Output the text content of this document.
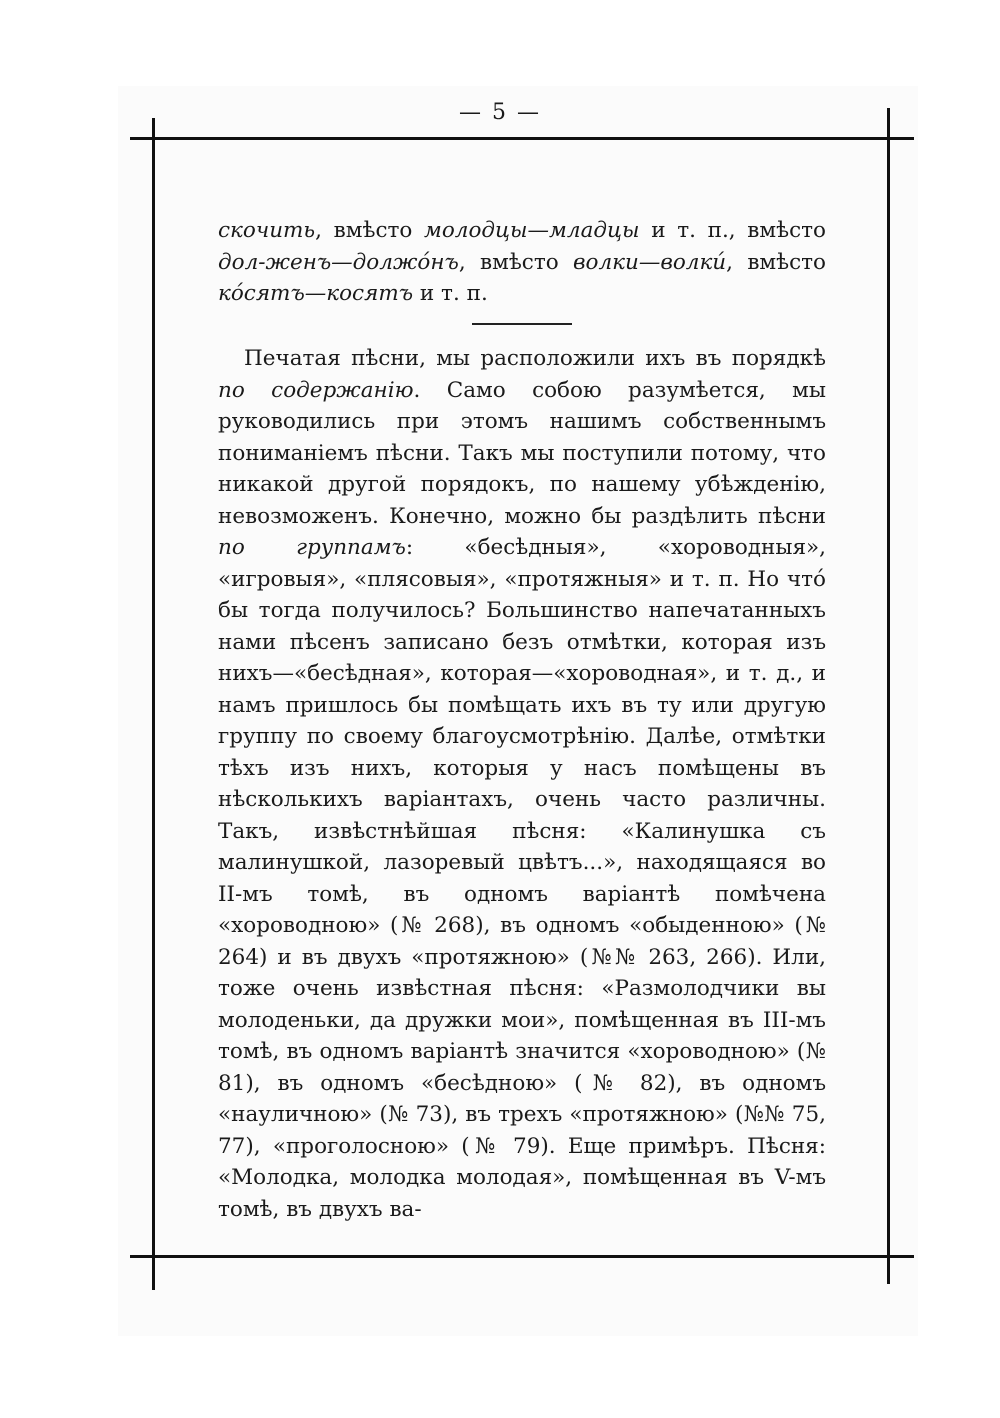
— 5 —

скочить, вмѣсто молодцы—младцы и т. п., вмѣсто дол-женъ—должо́нъ, вмѣсто волки—волки́, вмѣсто ко́сятъ—косятъ и т. п.

Печатая пѣсни, мы расположили ихъ въ порядкѣ по содержанію. Само собою разумѣется, мы руководились при этомъ нашимъ собственнымъ пониманіемъ пѣсни. Такъ мы поступили потому, что никакой другой порядокъ, по нашему убѣжденію, невозможенъ. Конечно, можно бы раздѣлить пѣсни по группамъ: «бесѣдныя», «хороводныя», «игровыя», «плясовыя», «протяжныя» и т. п. Но что́ бы тогда получилось? Большинство напечатанныхъ нами пѣсенъ записано безъ отмѣтки, которая изъ нихъ—«бесѣдная», которая—«хороводная», и т. д., и намъ пришлось бы помѣщать ихъ въ ту или другую группу по своему благоусмотрѣнію. Далѣе, отмѣтки тѣхъ изъ нихъ, которыя у насъ помѣщены въ нѣсколькихъ варіантахъ, очень часто различны. Такъ, извѣстнѣйшая пѣсня: «Калинушка съ малинушкой, лазоревый цвѣтъ...», находящаяся во II-мъ томѣ, въ одномъ варіантѣ помѣчена «хороводною» (№ 268), въ одномъ «обыденною» (№ 264) и въ двухъ «протяжною» (№№ 263, 266). Или, тоже очень извѣстная пѣсня: «Размолодчики вы молоденьки, да дружки мои», помѣщенная въ III-мъ томѣ, въ одномъ варіантѣ значится «хороводною» (№ 81), въ одномъ «бесѣдною» (№ 82), въ одномъ «науличною» (№ 73), въ трехъ «протяжною» (№№ 75, 77), «проголосною» (№ 79). Еще примѣръ. Пѣсня: «Молодка, молодка молодая», помѣщенная въ V-мъ томѣ, въ двухъ ва-
